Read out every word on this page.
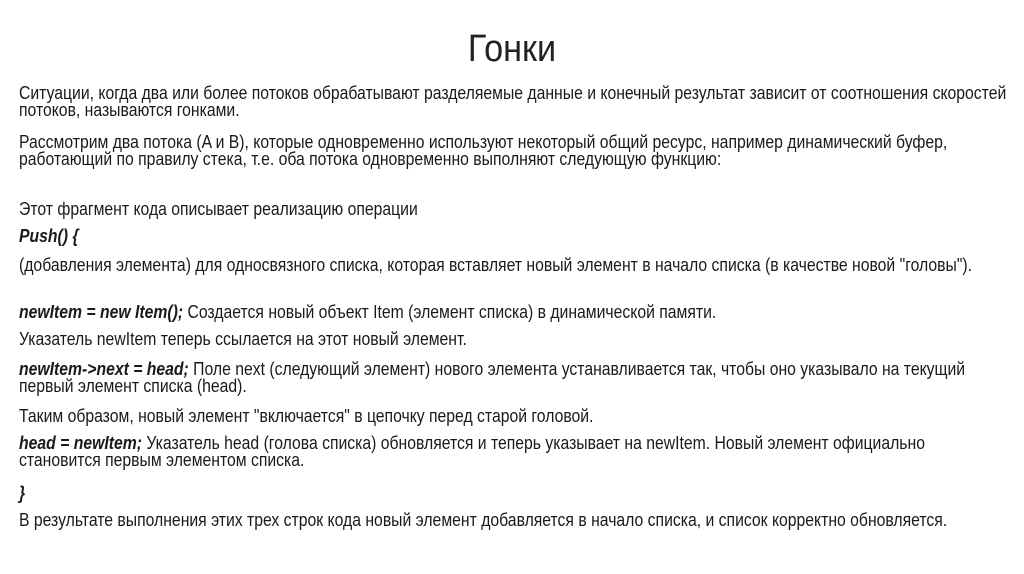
Гонки

Ситуации, когда два или более потоков обрабатывают разделяемые данные и конечный результат зависит от соотношения скоростей потоков, называются гонками.

Рассмотрим два потока (A и B), которые одновременно используют некоторый общий ресурс, например динамический буфер, работающий по правилу стека, т.е. оба потока одновременно выполняют следующую функцию:

Этот фрагмент кода описывает реализацию операции

Push() {

(добавления элемента) для односвязного списка, которая вставляет новый элемент в начало списка (в качестве новой "головы").

newItem = new Item(); Создается новый объект Item (элемент списка) в динамической памяти.

Указатель newItem теперь ссылается на этот новый элемент.

newItem->next = head; Поле next (следующий элемент) нового элемента устанавливается так, чтобы оно указывало на текущий первый элемент списка (head).

Таким образом, новый элемент "включается" в цепочку перед старой головой.

head = newItem; Указатель head (голова списка) обновляется и теперь указывает на newItem. Новый элемент официально становится первым элементом списка.

}

В результате выполнения этих трех строк кода новый элемент добавляется в начало списка, и список корректно обновляется.
